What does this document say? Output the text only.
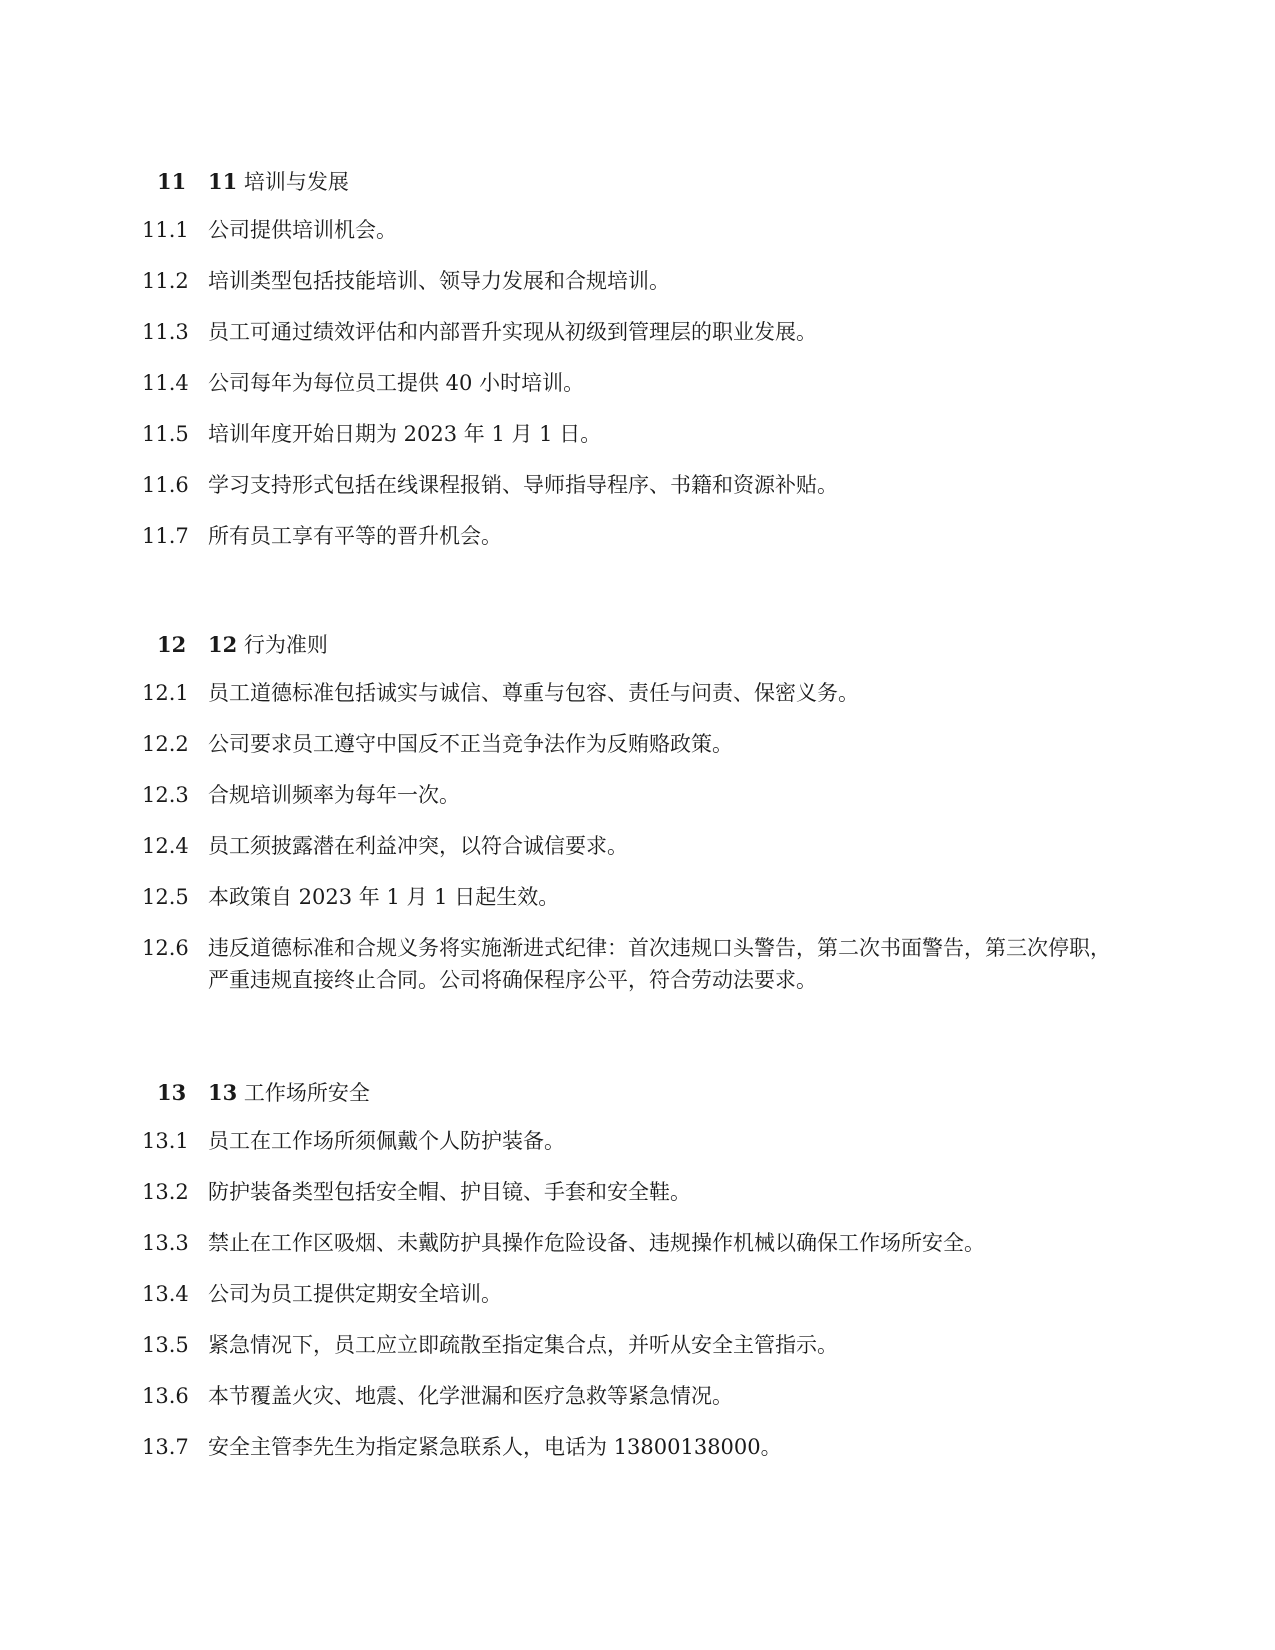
11 11 培训与发展
11.1 公司提供培训机会。
11.2 培训类型包括技能培训、领导力发展和合规培训。
11.3 员工可通过绩效评估和内部晋升实现从初级到管理层的职业发展。
11.4 公司每年为每位员工提供 40 小时培训。
11.5 培训年度开始日期为 2023 年 1 月 1 日。
11.6 学习支持形式包括在线课程报销、导师指导程序、书籍和资源补贴。
11.7 所有员工享有平等的晋升机会。
12 12 行为准则
12.1 员工道德标准包括诚实与诚信、尊重与包容、责任与问责、保密义务。
12.2 公司要求员工遵守中国反不正当竞争法作为反贿赂政策。
12.3 合规培训频率为每年一次。
12.4 员工须披露潜在利益冲突，以符合诚信要求。
12.5 本政策自 2023 年 1 月 1 日起生效。
12.6 违反道德标准和合规义务将实施渐进式纪律：首次违规口头警告，第二次书面警告，第三次停职，严重违规直接终止合同。公司将确保程序公平，符合劳动法要求。
13 13 工作场所安全
13.1 员工在工作场所须佩戴个人防护装备。
13.2 防护装备类型包括安全帽、护目镜、手套和安全鞋。
13.3 禁止在工作区吸烟、未戴防护具操作危险设备、违规操作机械以确保工作场所安全。
13.4 公司为员工提供定期安全培训。
13.5 紧急情况下，员工应立即疏散至指定集合点，并听从安全主管指示。
13.6 本节覆盖火灾、地震、化学泄漏和医疗急救等紧急情况。
13.7 安全主管李先生为指定紧急联系人，电话为 13800138000。
